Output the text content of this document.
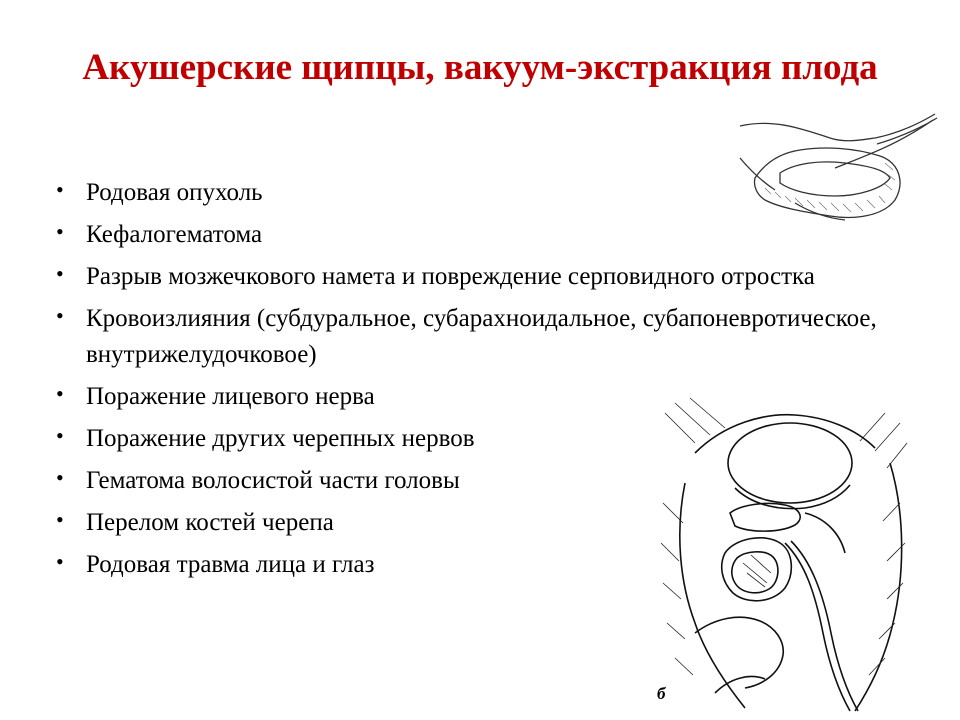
Акушерские щипцы, вакуум-экстракция плода
• Родовая опухоль
• Кефалогематома
• Разрыв мозжечкового намета и повреждение серповидного отростка
• Кровоизлияния (субдуральное, субарахноидальное, субапоневротическое, внутрижелудочковое)
• Поражение лицевого нерва
• Поражение других черепных нервов
• Гематома волосистой части головы
• Перелом костей черепа
• Родовая травма лица и глаз
б
